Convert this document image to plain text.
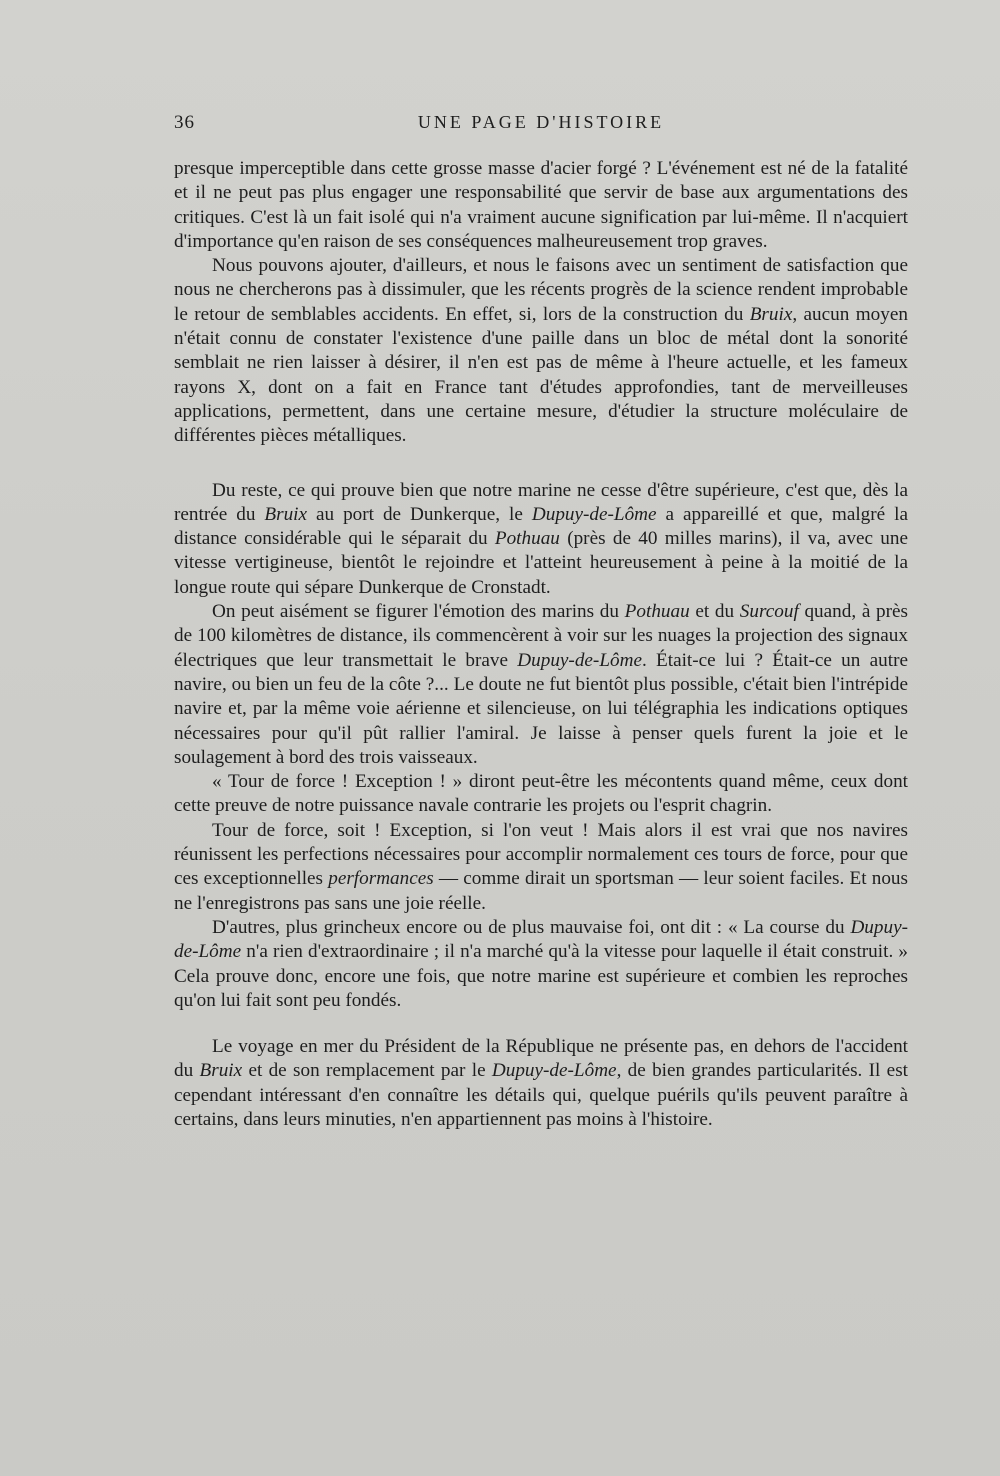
36	UNE PAGE D'HISTOIRE

presque imperceptible dans cette grosse masse d'acier forgé ? L'événement est né de la fatalité et il ne peut pas plus engager une responsabilité que servir de base aux argumentations des critiques. C'est là un fait isolé qui n'a vraiment aucune signification par lui-même. Il n'acquiert d'importance qu'en raison de ses conséquences malheureusement trop graves.

Nous pouvons ajouter, d'ailleurs, et nous le faisons avec un sentiment de satisfaction que nous ne chercherons pas à dissimuler, que les récents progrès de la science rendent improbable le retour de semblables accidents. En effet, si, lors de la construction du Bruix, aucun moyen n'était connu de constater l'existence d'une paille dans un bloc de métal dont la sonorité semblait ne rien laisser à désirer, il n'en est pas de même à l'heure actuelle, et les fameux rayons X, dont on a fait en France tant d'études approfondies, tant de merveilleuses applications, permettent, dans une certaine mesure, d'étudier la structure moléculaire de différentes pièces métalliques.

Du reste, ce qui prouve bien que notre marine ne cesse d'être supérieure, c'est que, dès la rentrée du Bruix au port de Dunkerque, le Dupuy-de-Lôme a appareillé et que, malgré la distance considérable qui le séparait du Pothuau (près de 40 milles marins), il va, avec une vitesse vertigineuse, bientôt le rejoindre et l'atteint heureusement à peine à la moitié de la longue route qui sépare Dunkerque de Cronstadt.

On peut aisément se figurer l'émotion des marins du Pothuau et du Surcouf quand, à près de 100 kilomètres de distance, ils commencèrent à voir sur les nuages la projection des signaux électriques que leur transmettait le brave Dupuy-de-Lôme. Était-ce lui ? Était-ce un autre navire, ou bien un feu de la côte ?... Le doute ne fut bientôt plus possible, c'était bien l'intrépide navire et, par la même voie aérienne et silencieuse, on lui télégraphia les indications optiques nécessaires pour qu'il pût rallier l'amiral. Je laisse à penser quels furent la joie et le soulagement à bord des trois vaisseaux.

« Tour de force ! Exception ! » diront peut-être les mécontents quand même, ceux dont cette preuve de notre puissance navale contrarie les projets ou l'esprit chagrin.

Tour de force, soit ! Exception, si l'on veut ! Mais alors il est vrai que nos navires réunissent les perfections nécessaires pour accomplir normalement ces tours de force, pour que ces exceptionnelles performances — comme dirait un sportsman — leur soient faciles. Et nous ne l'enregistrons pas sans une joie réelle.

D'autres, plus grincheux encore ou de plus mauvaise foi, ont dit : « La course du Dupuy-de-Lôme n'a rien d'extraordinaire ; il n'a marché qu'à la vitesse pour laquelle il était construit. » Cela prouve donc, encore une fois, que notre marine est supérieure et combien les reproches qu'on lui fait sont peu fondés.

Le voyage en mer du Président de la République ne présente pas, en dehors de l'accident du Bruix et de son remplacement par le Dupuy-de-Lôme, de bien grandes particularités. Il est cependant intéressant d'en connaître les détails qui, quelque puérils qu'ils peuvent paraître à certains, dans leurs minuties, n'en appartiennent pas moins à l'histoire.
